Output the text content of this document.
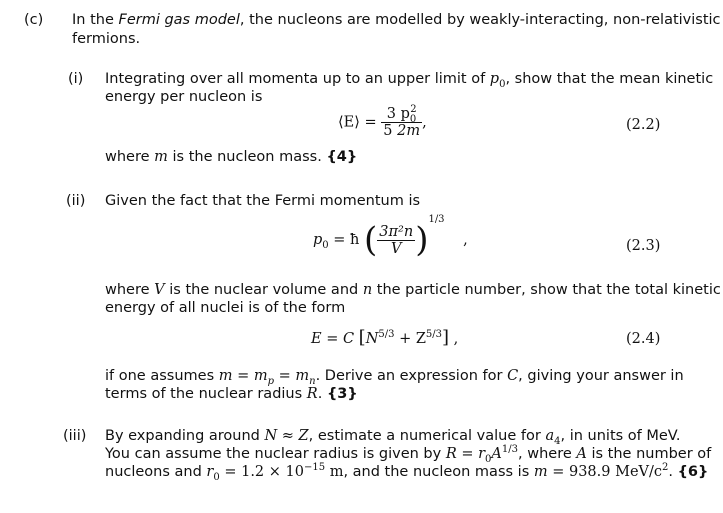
(c) In the Fermi gas model, the nucleons are modelled by weakly-interacting, non-relativistic
fermions.
(i) Integrating over all momenta up to an upper limit of $p_0$, show that the mean kinetic
energy per nucleon is
⟨E⟩ = $\frac{3 p_0^2}{5 2m}$ ,	(2.2)
where m is the nucleon mass. {4}
(ii) Given the fact that the Fermi momentum is
$p_0$ = ħ ( $\frac{\text{3π²n}}{V} )^{1/3}$ ,	(2.3)
where V is the nuclear volume and n the particle number, show that the total kinetic
energy of all nuclei is of the form
E = C $[N^{5/3} + Z^{5/3}]$ ,	(2.4)
if one assumes $m = m_p = m_n$. Derive an expression for C, giving your answer in
terms of the nuclear radius R. {3}
(iii) By expanding around N ≈ Z, estimate a numerical value for $a_4$, in units of MeV.
You can assume the nuclear radius is given by $R = r_0A^{1/3}$, where A is the number of
nucleons and $r_0 = 1.2 \times 10^{-15}$ m, and the nucleon mass is m = 938.9 MeV/$c^2$. {6}
